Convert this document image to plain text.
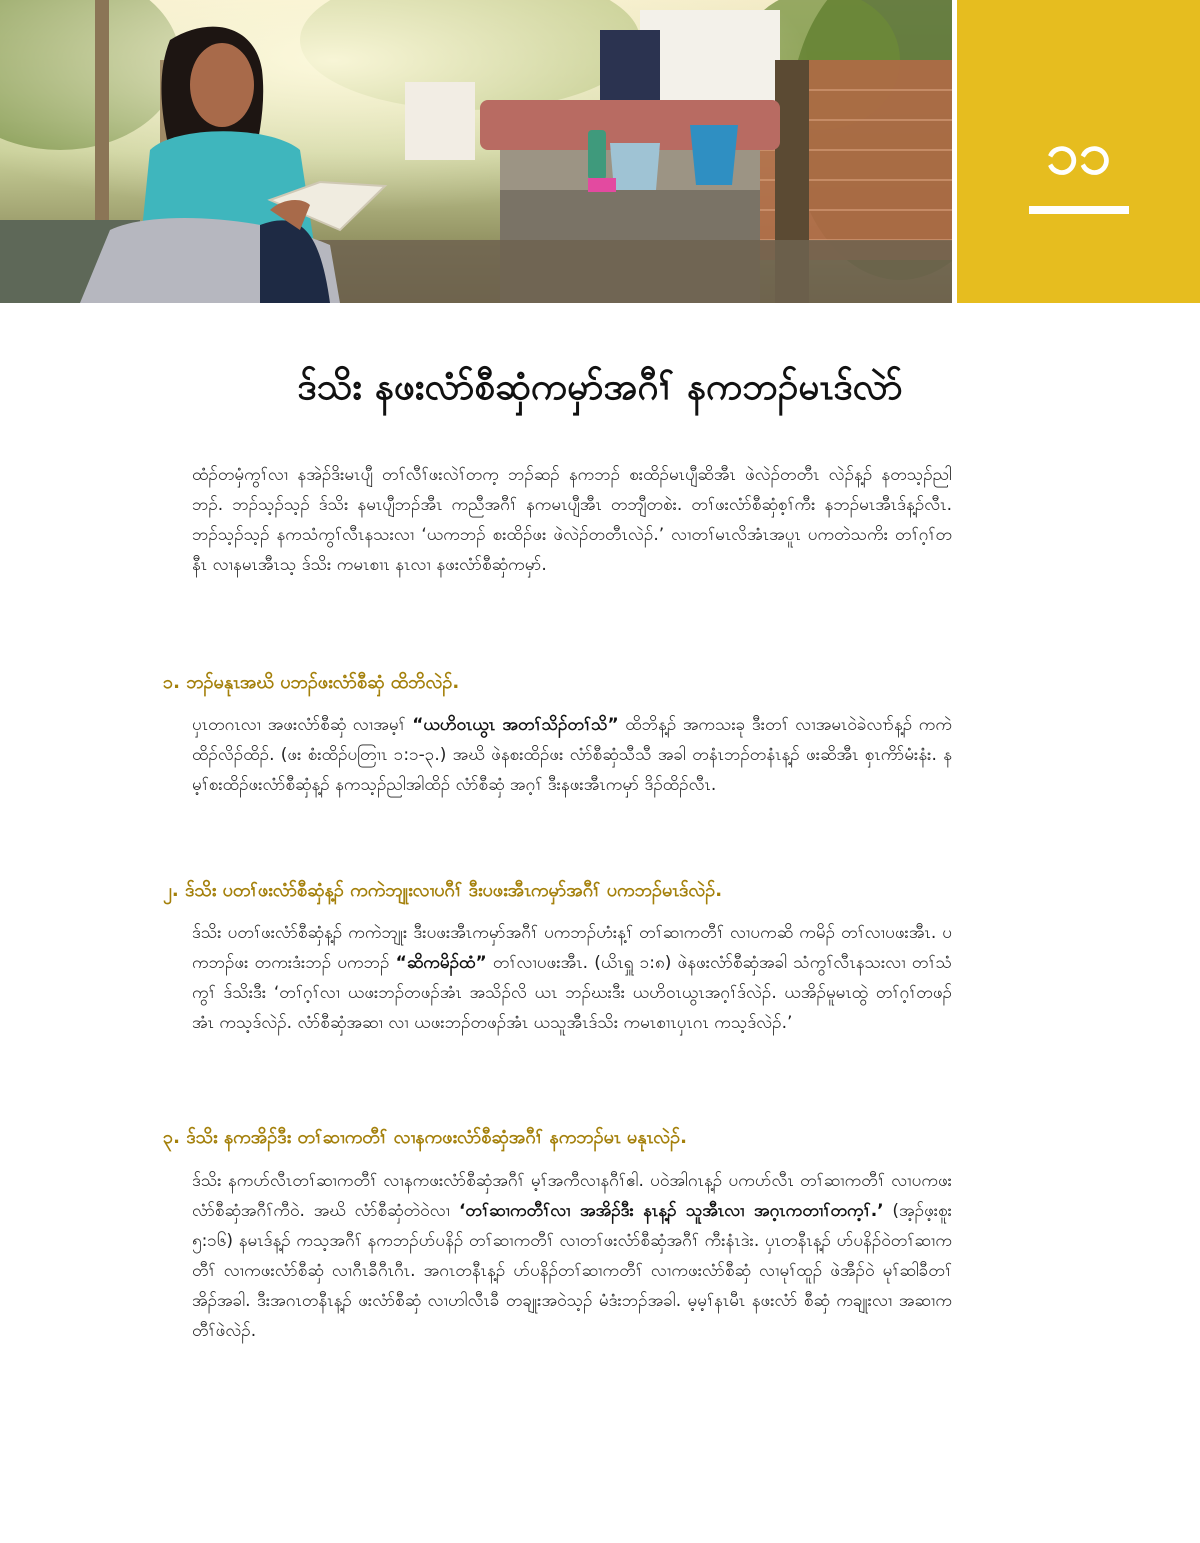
၁၁
ဒ်သိး နဖးလံာ်စီဆှံကမှာ်အဂီၢ် နကဘၣ်မၤဒ်လဲာ်

ထံၣ်တမှံကွၢ်လၢ နအဲၣ်ဒိးမၤပျီ တၢ်လီၢ်ဖးလဲၢ်တက့ ဘၣ်ဆၣ် နကဘၣ် စးထိၣ်မၤပျီဆိအီၤ ဖဲလဲၣ်တတီၤ လဲၣ်န့ၣ် နတသ့ၣ်ညါဘၣ်. ဘၣ်သ့ၣ်သ့ၣ် ဒ်သိး နမၤပျီဘၣ်အီၤ ကညီအဂီၢ် နကမၤပျီအီၤ တဘျီတစဲး. တၢ်ဖးလံာ်စီဆှံစ့ၢ်ကီး နဘၣ်မၤအီၤဒ်န့ၣ်လီၤ. ဘၣ်သ့ၣ်သ့ၣ် နကသံကွၢ်လီၤနသးလၢ ‘ယကဘၣ် စးထိၣ်ဖး ဖဲလဲၣ်တတီၤလဲၣ်.’ လၢတၢ်မၤလိအံၤအပူၤ ပကတဲသကိး တၢ်ဂ့ၢ်တနီၤ လၢနမၤအီၤသ့ ဒ်သိး ကမၤစၢၤ နၤလၢ နဖးလံာ်စီဆှံကမှာ်.

၁. ဘၣ်မနုၤအဃိ ပဘၣ်ဖးလံာ်စီဆှံ ထိဘိလဲၣ်.

ပှၤတဂၤလၢ အဖးလံာ်စီဆှံ လၢအမ့ၢ် “ယဟိဝၤယွၤ အတၢ်သိၣ်တၢ်သိ” ထိဘိန့ၣ် အကသးခု ဒီးတၢ် လၢအမၤဝဲခဲလၢာ်န့ၣ် ကကဲထိၣ်လိၣ်ထိၣ်. (ဖး စံးထိၣ်ပတြၢၤ ၁:၁-၃.) အဃိ ဖဲနစးထိၣ်ဖး လံာ်စီဆှံသီသီ အခါ တနံၤဘၣ်တနံၤန့ၣ် ဖးဆိအီၤ စှၤကိာ်မံးနံး. နမ့ၢ်စးထိၣ်ဖးလံာ်စီဆှံန့ၣ် နကသ့ၣ်ညါအါထိၣ် လံာ်စီဆှံ အဂ့ၢ် ဒီးနဖးအီၤကမှာ် ဒိၣ်ထိၣ်လီၤ.

၂. ဒ်သိး ပတၢ်ဖးလံာ်စီဆှံန့ၣ် ကကဲဘျုးလၢပဂီၢ် ဒီးပဖးအီၤကမှာ်အဂီၢ် ပကဘၣ်မၤဒ်လဲၣ်.

ဒ်သိး ပတၢ်ဖးလံာ်စီဆှံန့ၣ် ကကဲဘျုး ဒီးပဖးအီၤကမှာ်အဂီၢ် ပကဘၣ်ဟံးန့ၢ် တၢ်ဆၢကတီၢ် လၢပကဆိ ကမိၣ် တၢ်လၢပဖးအီၤ. ပကဘၣ်ဖး တကးဒံးဘၣ် ပကဘၣ် “ဆိကမိၣ်ထံ” တၢ်လၢပဖးအီၤ. (ယိၤရှူ ၁:၈) ဖဲနဖးလံာ်စီဆှံအခါ သံကွၢ်လီၤနသးလၢ တၢ်သံကွၢ် ဒ်သိးဒီး ‘တၢ်ဂ့ၢ်လၢ ယဖးဘၣ်တဖၣ်အံၤ အသိၣ်လိ ယၤ ဘၣ်ဃးဒီး ယဟိဝၤယွၤအဂ့ၢ်ဒ်လဲၣ်. ယအိၣ်မူမၤထွဲ တၢ်ဂ့ၢ်တဖၣ်အံၤ ကသ့ဒ်လဲၣ်. လံာ်စီဆှံအဆၢ လၢ ယဖးဘၣ်တဖၣ်အံၤ ယသူအီၤဒ်သိး ကမၤစၢၤပှၤဂၤ ကသ့ဒ်လဲၣ်.’

၃. ဒ်သိး နကအိၣ်ဒီး တၢ်ဆၢကတီၢ် လၢနကဖးလံာ်စီဆှံအဂီၢ် နကဘၣ်မၤ မနုၤလဲၣ်.

ဒ်သိး နကပာ်လီၤတၢ်ဆၢကတီၢ် လၢနကဖးလံာ်စီဆှံအဂီၢ် မ့ၢ်အကီလၢနဂီၢ်ဧါ. ပဝဲအါဂၤန့ၣ် ပကပာ်လီၤ တၢ်ဆၢကတီၢ် လၢပကဖးလံာ်စီဆှံအဂီၢ်ကီဝဲ. အဃိ လံာ်စီဆှံတဲဝဲလၢ ‘တၢ်ဆၢကတီၢ်လၢ အအိၣ်ဒီး နၤန့ၣ် သူအီၤလၢ အဂ့ၤကတၢၢ်တက့ၢ်.’ (အ့ၣ်ဖ့းစူး ၅:၁၆) နမၤဒ်န့ၣ် ကသ့အဂီၢ် နကဘၣ်ပာ်ပနိၣ် တၢ်ဆၢကတီၢ် လၢတၢ်ဖးလံာ်စီဆှံအဂီၢ် ကီးနံၤဒဲး. ပှၤတနီၤန့ၣ် ပာ်ပနိၣ်ဝဲတၢ်ဆၢကတီၢ် လၢကဖးလံာ်စီဆှံ လၢဂီၤခီဂီၤဂီၤ. အဂၤတနီၤန့ၣ် ပာ်ပနိၣ်တၢ်ဆၢကတီၢ် လၢကဖးလံာ်စီဆှံ လၢမုၢ်ထူၣ် ဖဲအီၣ်ဝဲ မုၢ်ဆါခီတၢ် အိၣ်အခါ. ဒီးအဂၤတနီၤန့ၣ် ဖးလံာ်စီဆှံ လၢဟါလီၤခီ တချုးအဝဲသ့ၣ် မံဒံးဘၣ်အခါ. မ့မ့ၢ်နၤမီၤ နဖးလံာ် စီဆှံ ကချုးလၢ အဆၢကတီၢ်ဖဲလဲၣ်.
